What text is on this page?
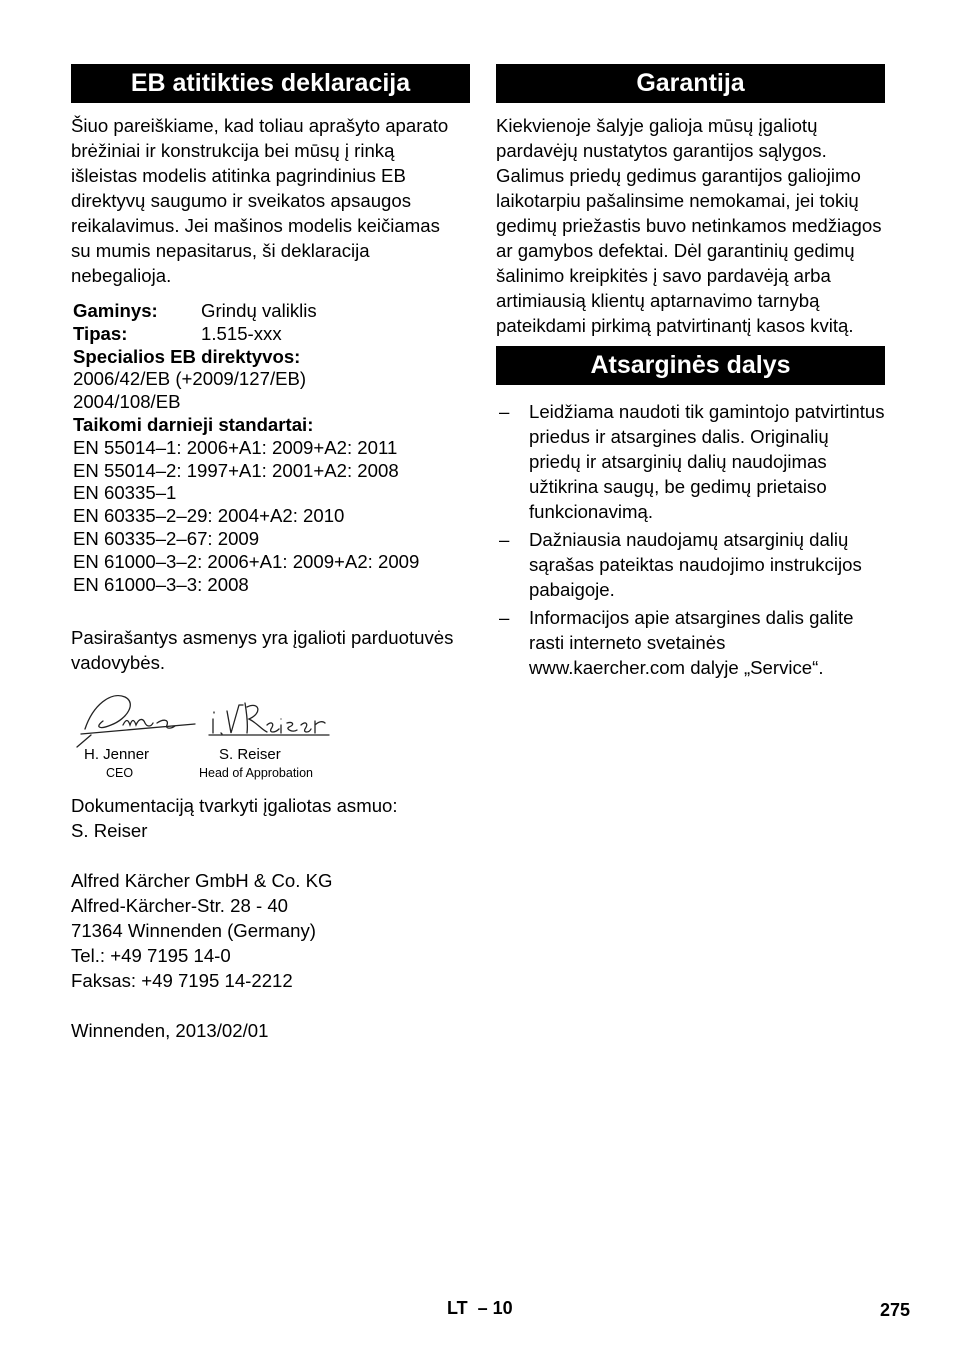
EB atitikties deklaracija

Šiuo pareiškiame, kad toliau aprašyto aparato brėžiniai ir konstrukcija bei mūsų į rinką išleistas modelis atitinka pagrindinius EB direktyvų saugumo ir sveikatos apsaugos reikalavimus. Jei mašinos modelis keičiamas su mumis nepasitarus, ši deklaracija nebegalioja.

Gaminys:	Grindų valiklis
Tipas:	1.515-xxx
Specialios EB direktyvos:
2006/42/EB (+2009/127/EB)
2004/108/EB
Taikomi darnieji standartai:
EN 55014–1: 2006+A1: 2009+A2: 2011
EN 55014–2: 1997+A1: 2001+A2: 2008
EN 60335–1
EN 60335–2–29: 2004+A2: 2010
EN 60335–2–67: 2009
EN 61000–3–2: 2006+A1: 2009+A2: 2009
EN 61000–3–3: 2008

Pasirašantys asmenys yra įgalioti parduotuvės vadovybės.

H. Jenner
CEO
S. Reiser
Head of Approbation

Dokumentaciją tvarkyti įgaliotas asmuo:

S. Reiser

Alfred Kärcher GmbH & Co. KG

Alfred-Kärcher-Str. 28 - 40

71364 Winnenden (Germany)

Tel.: +49 7195 14-0

Faksas: +49 7195 14-2212

Winnenden, 2013/02/01

Garantija

Kiekvienoje šalyje galioja mūsų įgaliotų pardavėjų nustatytos garantijos sąlygos. Galimus priedų gedimus garantijos galiojimo laikotarpiu pašalinsime nemokamai, jei tokių gedimų priežastis buvo netinkamos medžiagos ar gamybos defektai. Dėl garantinių gedimų šalinimo kreipkitės į savo pardavėją arba artimiausią klientų aptarnavimo tarnybą pateikdami pirkimą patvirtinantį kasos kvitą.

Atsarginės dalys
– Leidžiama naudoti tik gamintojo patvirtintus priedus ir atsargines dalis. Originalių priedų ir atsarginių dalių naudojimas užtikrina saugų, be gedimų prietaiso funkcionavimą.
– Dažniausia naudojamų atsarginių dalių sąrašas pateiktas naudojimo instrukcijos pabaigoje.
– Informacijos apie atsargines dalis galite rasti interneto svetainės www.kaercher.com dalyje „Service“.
LT  – 10	275
